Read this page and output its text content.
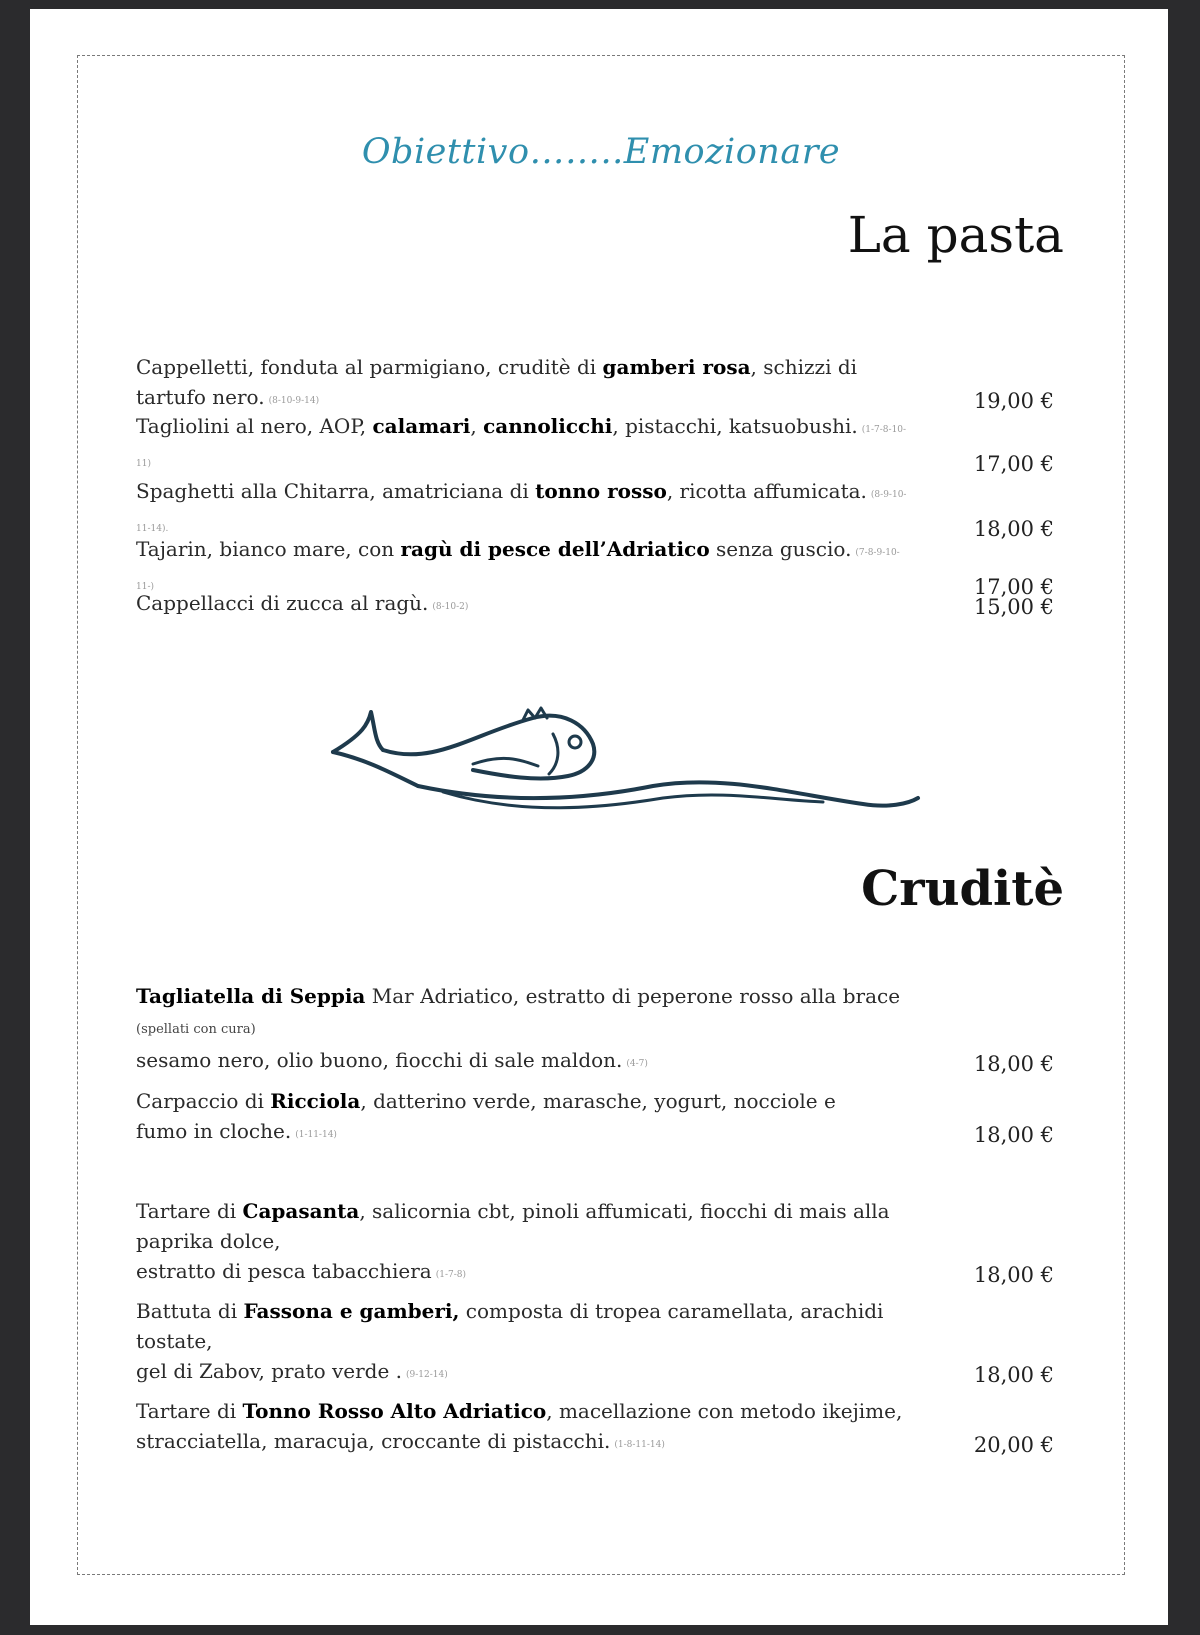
Obiettivo……..Emozionare
La pasta
Cappelletti, fonduta al parmigiano, cruditè di gamberi rosa, schizzi di tartufo nero. (8-10-9-14)	19,00 €
Tagliolini al nero, AOP, calamari, cannolicchi, pistacchi, katsuobushi. (1-7-8-10-11)	17,00 €
Spaghetti alla Chitarra, amatriciana di tonno rosso, ricotta affumicata. (8-9-10-11-14).	18,00 €
Tajarin, bianco mare, con ragù di pesce dell’Adriatico senza guscio. (7-8-9-10-11-)	17,00 €
Cappellacci di zucca al ragù. (8-10-2)	15,00 €
Cruditè
Tagliatella di Seppia Mar Adriatico, estratto di peperone rosso alla brace (spellati con cura)
sesamo nero, olio buono, fiocchi di sale maldon. (4-7)	18,00 €
Carpaccio di Ricciola, datterino verde, marasche, yogurt, nocciole e
fumo in cloche. (1-11-14)	18,00 €
Tartare di Capasanta, salicornia cbt, pinoli affumicati, fiocchi di mais alla paprika dolce,
estratto di pesca tabacchiera (1-7-8)	18,00 €
Battuta di Fassona e gamberi, composta di tropea caramellata, arachidi tostate,
gel di Zabov, prato verde . (9-12-14)	18,00 €
Tartare di Tonno Rosso Alto Adriatico, macellazione con metodo ikejime,
stracciatella, maracuja, croccante di pistacchi. (1-8-11-14)	20,00 €
